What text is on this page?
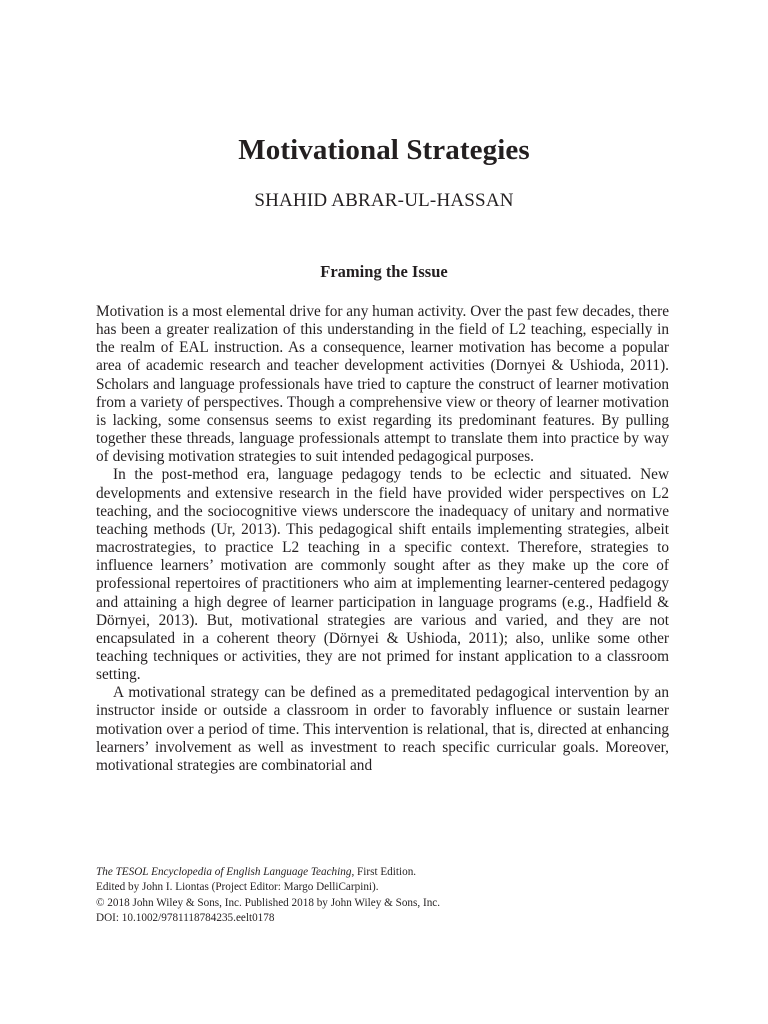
Motivational Strategies
SHAHID ABRAR-UL-HASSAN
Framing the Issue

Motivation is a most elemental drive for any human activity. Over the past few decades, there has been a greater realization of this understanding in the field of L2 teaching, especially in the realm of EAL instruction. As a consequence, learner motivation has become a popular area of academic research and teacher development activities (Dornyei & Ushioda, 2011). Scholars and language professionals have tried to capture the construct of learner motivation from a variety of perspectives. Though a comprehensive view or theory of learner motivation is lacking, some consensus seems to exist regarding its predominant features. By pulling together these threads, language professionals attempt to translate them into practice by way of devising motivation strategies to suit intended pedagogical purposes.

In the post-method era, language pedagogy tends to be eclectic and situated. New developments and extensive research in the field have provided wider perspectives on L2 teaching, and the sociocognitive views underscore the inadequacy of unitary and normative teaching methods (Ur, 2013). This pedagogical shift entails implementing strategies, albeit macrostrategies, to practice L2 teaching in a specific context. Therefore, strategies to influence learners’ motivation are commonly sought after as they make up the core of professional repertoires of practitioners who aim at implementing learner-centered pedagogy and attaining a high degree of learner participation in language programs (e.g., Hadfield & Dörnyei, 2013). But, motivational strategies are various and varied, and they are not encapsulated in a coherent theory (Dörnyei & Ushioda, 2011); also, unlike some other teaching techniques or activities, they are not primed for instant application to a classroom setting.

A motivational strategy can be defined as a premeditated pedagogical intervention by an instructor inside or outside a classroom in order to favorably influence or sustain learner motivation over a period of time. This intervention is relational, that is, directed at enhancing learners’ involvement as well as investment to reach specific curricular goals. Moreover, motivational strategies are combinatorial and

The TESOL Encyclopedia of English Language Teaching, First Edition.
Edited by John I. Liontas (Project Editor: Margo DelliCarpini).
© 2018 John Wiley & Sons, Inc. Published 2018 by John Wiley & Sons, Inc.
DOI: 10.1002/9781118784235.eelt0178
